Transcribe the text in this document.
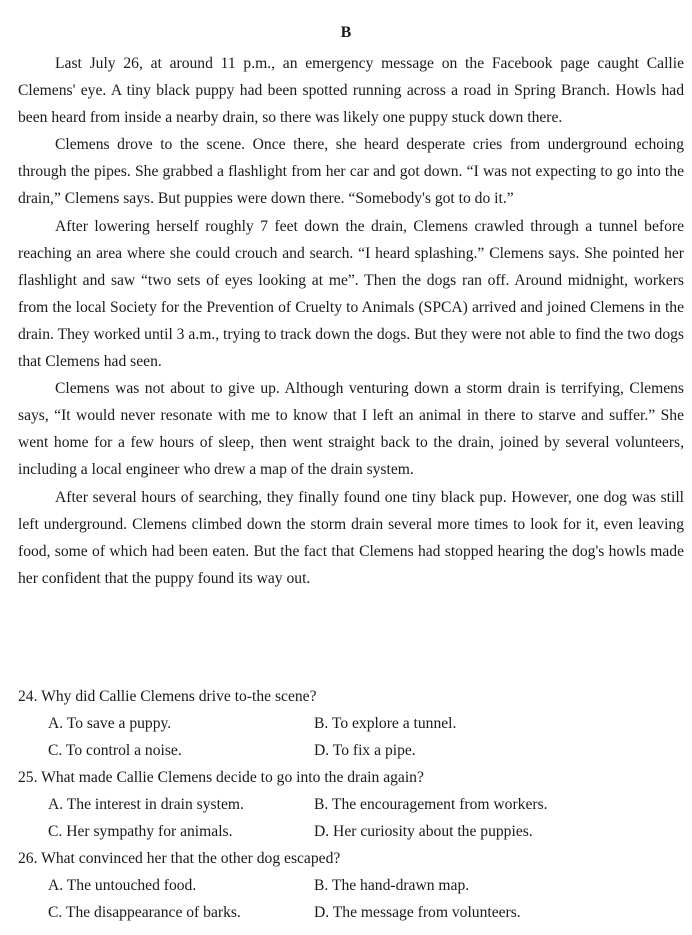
B

Last July 26, at around 11 p.m., an emergency message on the Facebook page caught Callie Clemens' eye. A tiny black puppy had been spotted running across a road in Spring Branch. Howls had been heard from inside a nearby drain, so there was likely one puppy stuck down there.

Clemens drove to the scene. Once there, she heard desperate cries from underground echoing through the pipes. She grabbed a flashlight from her car and got down. “I was not expecting to go into the drain,” Clemens says. But puppies were down there. “Somebody's got to do it.”

After lowering herself roughly 7 feet down the drain, Clemens crawled through a tunnel before reaching an area where she could crouch and search. “I heard splashing.” Clemens says. She pointed her flashlight and saw “two sets of eyes looking at me”. Then the dogs ran off. Around midnight, workers from the local Society for the Prevention of Cruelty to Animals (SPCA) arrived and joined Clemens in the drain. They worked until 3 a.m., trying to track down the dogs. But they were not able to find the two dogs that Clemens had seen.

Clemens was not about to give up. Although venturing down a storm drain is terrifying, Clemens says, “It would never resonate with me to know that I left an animal in there to starve and suffer.” She went home for a few hours of sleep, then went straight back to the drain, joined by several volunteers, including a local engineer who drew a map of the drain system.

After several hours of searching, they finally found one tiny black pup. However, one dog was still left underground. Clemens climbed down the storm drain several more times to look for it, even leaving food, some of which had been eaten. But the fact that Clemens had stopped hearing the dog's howls made her confident that the puppy found its way out.

24. Why did Callie Clemens drive to-the scene?
A. To save a puppy.	B. To explore a tunnel.
C. To control a noise.	D. To fix a pipe.
25. What made Callie Clemens decide to go into the drain again?
A. The interest in drain system.	B. The encouragement from workers.
C. Her sympathy for animals.	D. Her curiosity about the puppies.
26. What convinced her that the other dog escaped?
A. The untouched food.	B. The hand-drawn map.
C. The disappearance of barks.	D. The message from volunteers.
